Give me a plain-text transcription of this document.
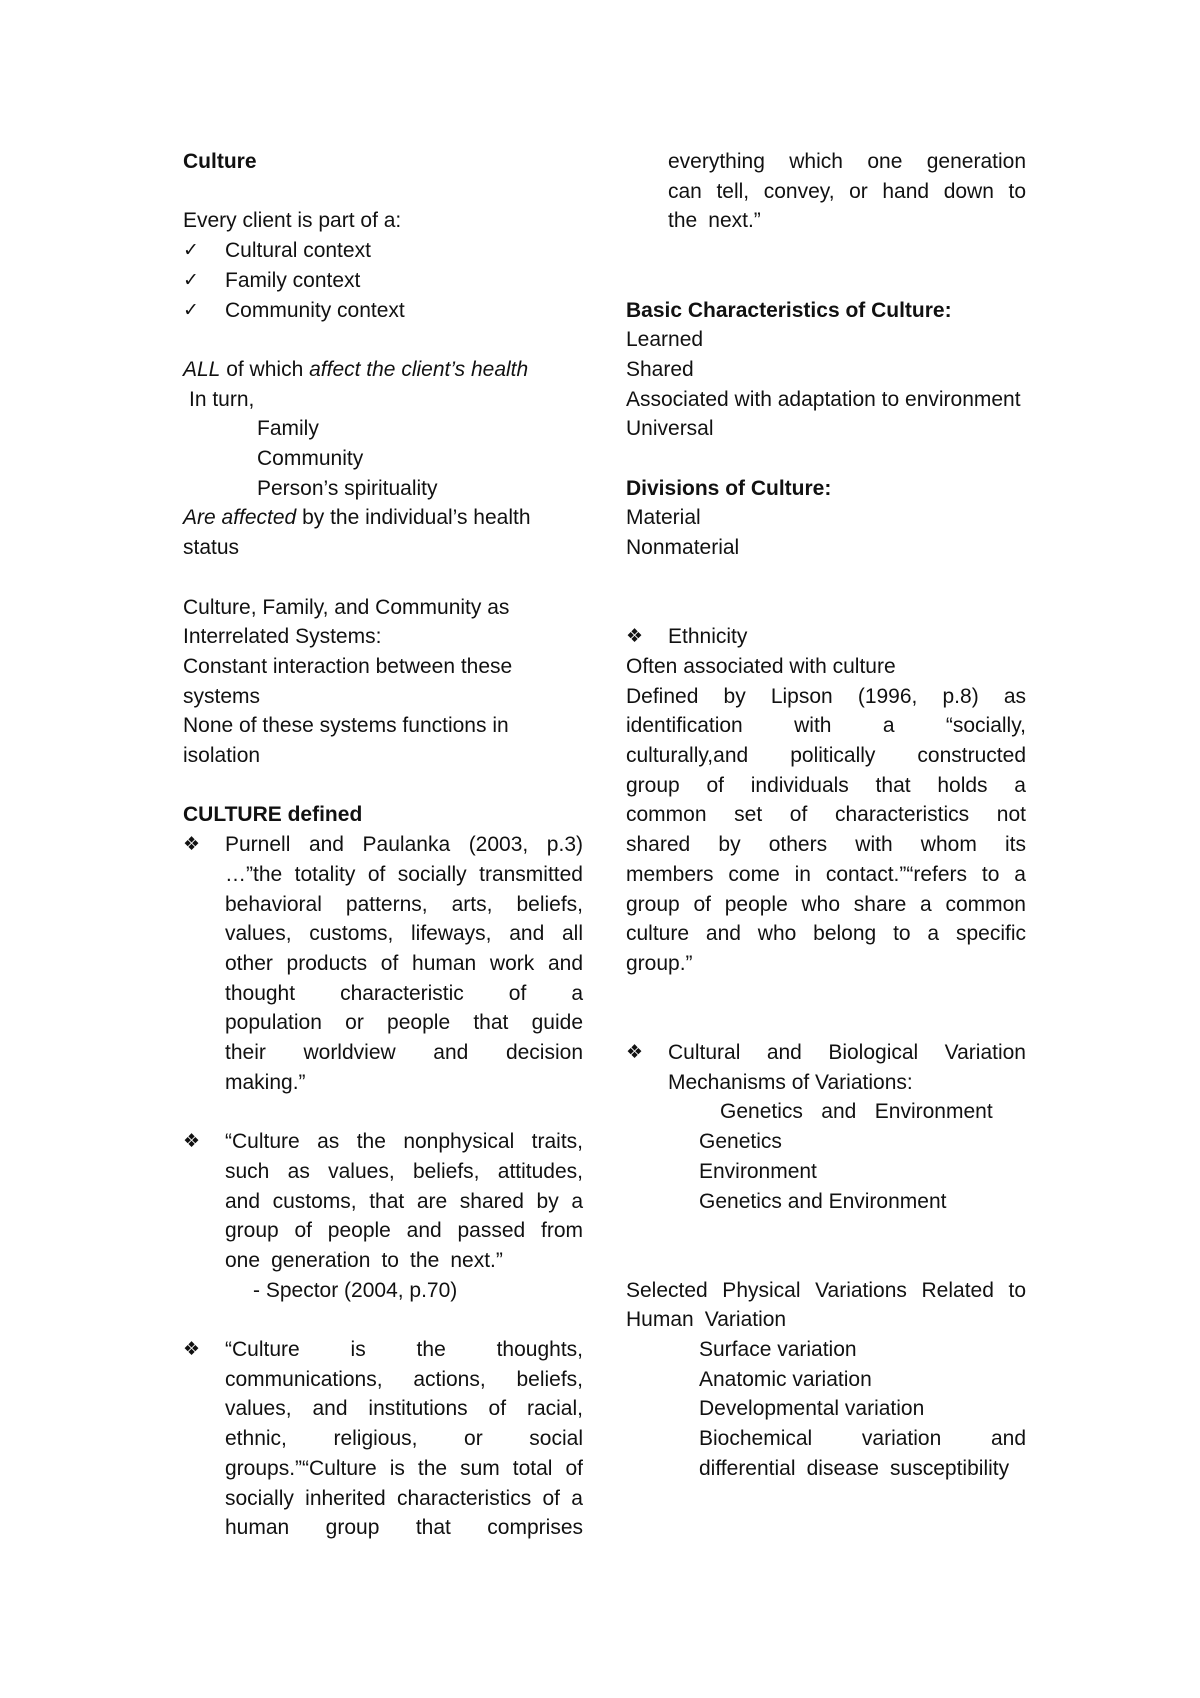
Culture

Every client is part of a:

✓	Cultural context
✓	Family context
✓	Community context

ALL of which affect the client’s health

In turn,

Family

Community

Person’s spirituality

Are affected by the individual’s health status

Culture, Family, and Community as Interrelated Systems:

Constant interaction between these systems

None of these systems functions in isolation

CULTURE defined

❖	Purnell and Paulanka (2003, p.3) …”the totality of socially transmitted behavioral patterns, arts, beliefs, values, customs, lifeways, and all other products of human work and thought characteristic of a population or people that guide their worldview and decision making.”
❖	“Culture as the nonphysical traits, such as values, beliefs, attitudes, and customs, that are shared by a group of people and passed from one generation to the next.”

- Spector (2004, p.70)

❖	“Culture is the thoughts, communications, actions, beliefs, values, and institutions of racial, ethnic, religious, or social groups.”“Culture is the sum total of socially inherited characteristics of a human group that comprises

everything which one generation can tell, convey, or hand down to the next.”

Basic Characteristics of Culture:

Learned

Shared

Associated with adaptation to environment

Universal

Divisions of Culture:

Material

Nonmaterial

❖	Ethnicity

Often associated with culture

Defined by Lipson (1996, p.8) as identification with a “socially, culturally,and politically constructed group of individuals that holds a common set of characteristics not shared by others with whom its members come in contact.”“refers to a group of people who share a common culture and who belong to a specific group.”

❖	Cultural and Biological Variation

Mechanisms of Variations:

Genetics and Environment

Genetics

Environment

Genetics and Environment

Selected Physical Variations Related to Human Variation

Surface variation

Anatomic variation

Developmental variation

Biochemical variation and differential disease susceptibility
